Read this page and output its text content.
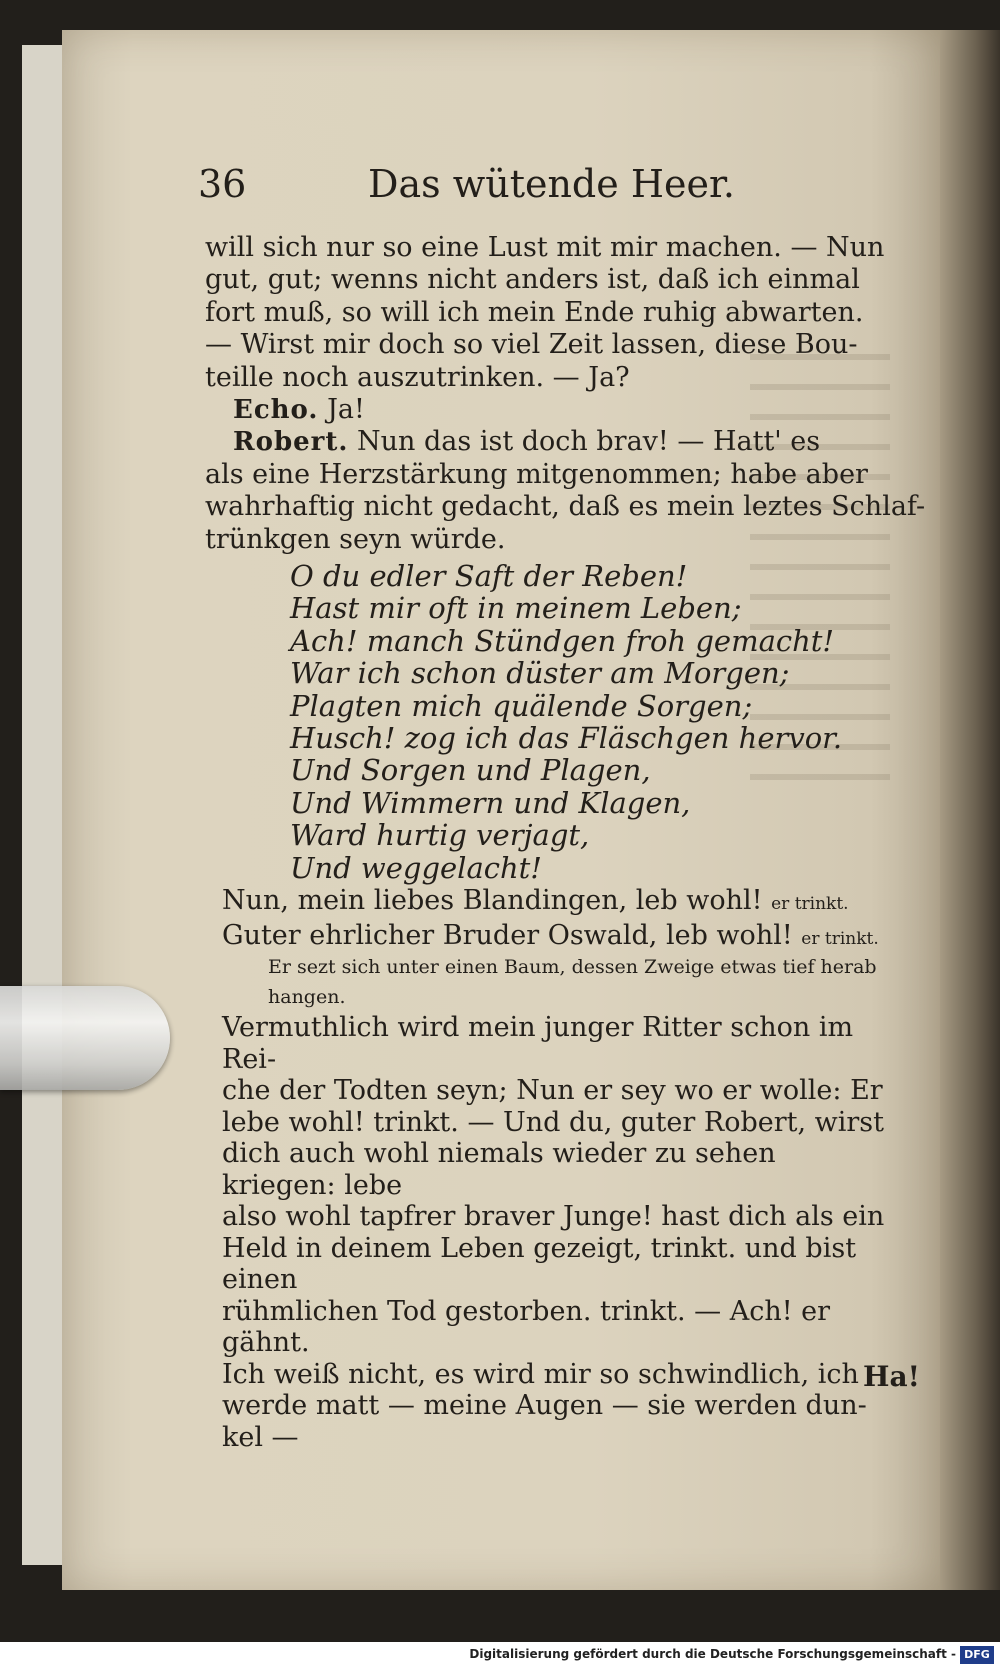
36	Das wütende Heer.
will sich nur so eine Lust mit mir machen. — Nun
gut, gut; wenns nicht anders ist, daß ich einmal
fort muß, so will ich mein Ende ruhig abwarten.
— Wirst mir doch so viel Zeit lassen, diese Bou-
teille noch auszutrinken. — Ja?
Echo. Ja!
Robert. Nun das ist doch brav! — Hatt' es
als eine Herzstärkung mitgenommen; habe aber
wahrhaftig nicht gedacht, daß es mein leztes Schlaf-
trünkgen seyn würde.
O du edler Saft der Reben!
Hast mir oft in meinem Leben;
Ach! manch Stündgen froh gemacht!
War ich schon düster am Morgen;
Plagten mich quälende Sorgen;
Husch! zog ich das Fläschgen hervor.
Und Sorgen und Plagen,
Und Wimmern und Klagen,
Ward hurtig verjagt,
Und weggelacht!
Nun, mein liebes Blandingen, leb wohl! er trinkt.
Guter ehrlicher Bruder Oswald, leb wohl! er trinkt.
Er sezt sich unter einen Baum, dessen Zweige etwas tief herab
hangen.
Vermuthlich wird mein junger Ritter schon im Rei-
che der Todten seyn; Nun er sey wo er wolle: Er
lebe wohl! trinkt. — Und du, guter Robert, wirst
dich auch wohl niemals wieder zu sehen kriegen: lebe
also wohl tapfrer braver Junge! hast dich als ein
Held in deinem Leben gezeigt, trinkt. und bist einen
rühmlichen Tod gestorben. trinkt. — Ach! er gähnt.
Ich weiß nicht, es wird mir so schwindlich, ich
werde matt — meine Augen — sie werden dun-
kel —
Ha!
Digitalisierung gefördert durch die Deutsche Forschungsgemeinschaft - DFG
